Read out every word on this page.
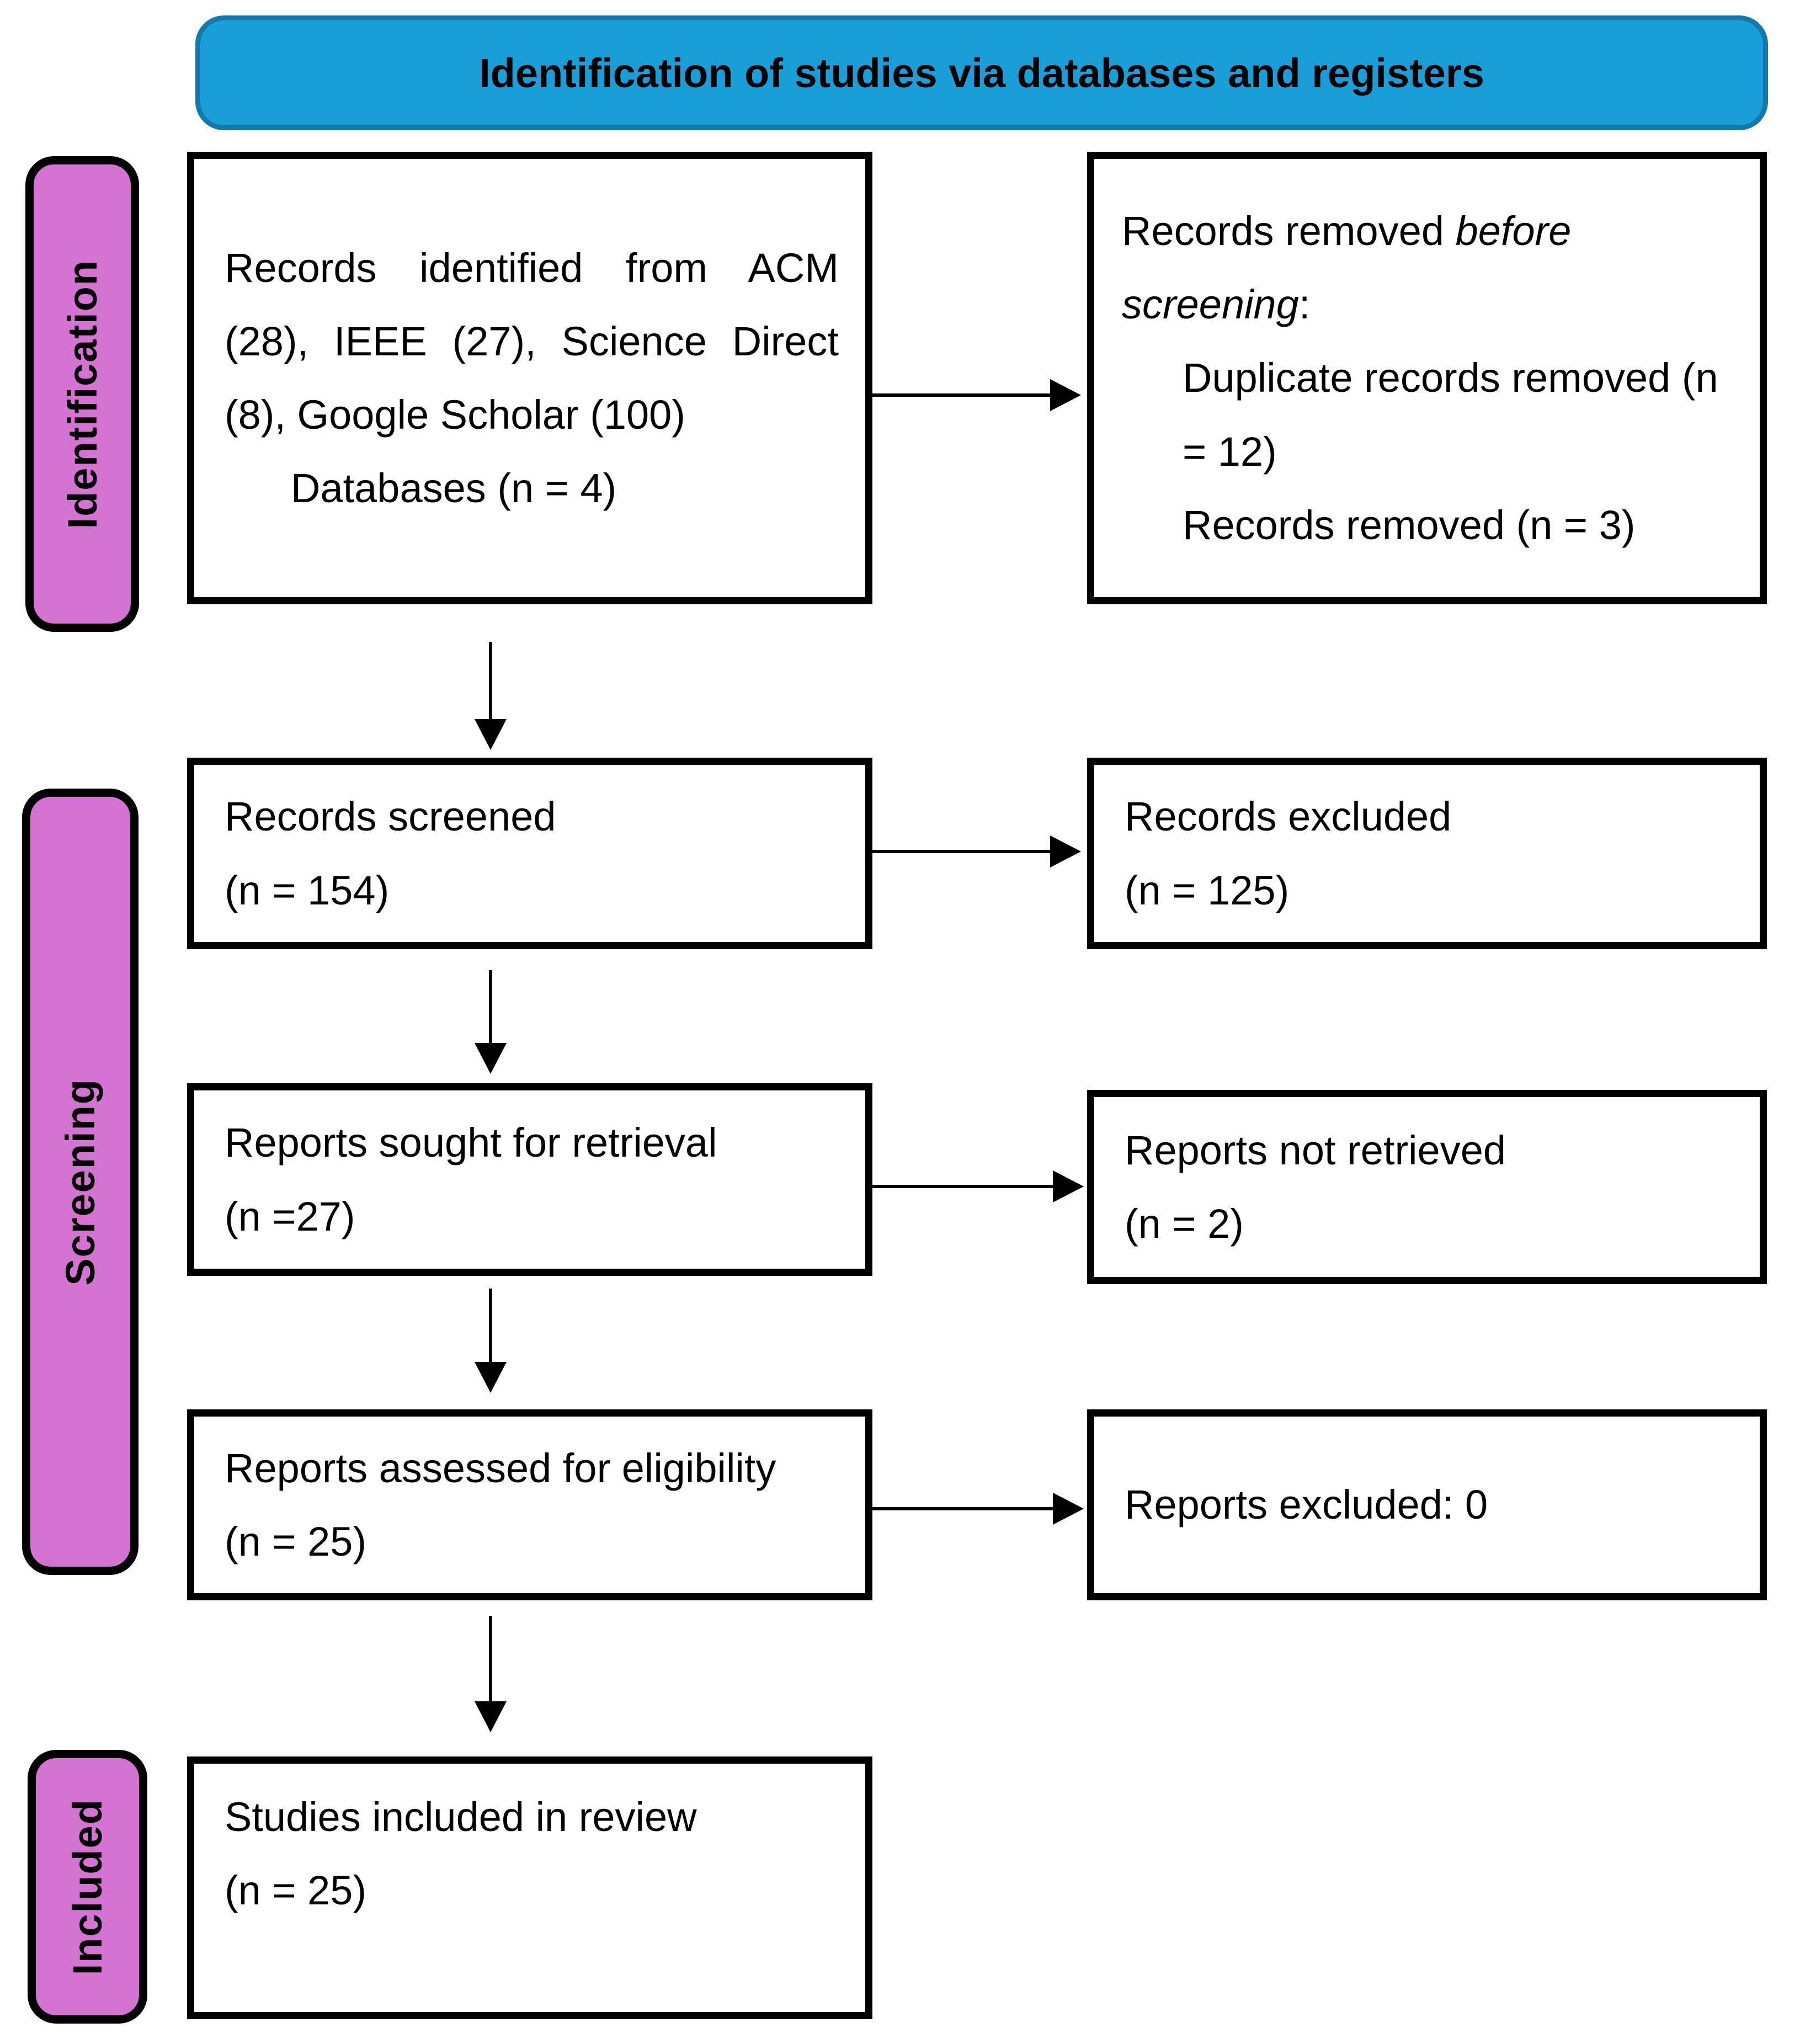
Identification of studies via databases and registers
Identification
Screening
Included

Records identified from ACM (28), IEEE (27), Science Direct (8), Google Scholar (100)

Databases (n = 4)

Records removed before screening:

Duplicate records removed (n = 12)

Records removed (n = 3)

Records screened

(n = 154)

Records excluded

(n = 125)

Reports sought for retrieval

(n =27)

Reports not retrieved

(n = 2)

Reports assessed for eligibility

(n = 25)

Reports excluded: 0

Studies included in review

(n = 25)
